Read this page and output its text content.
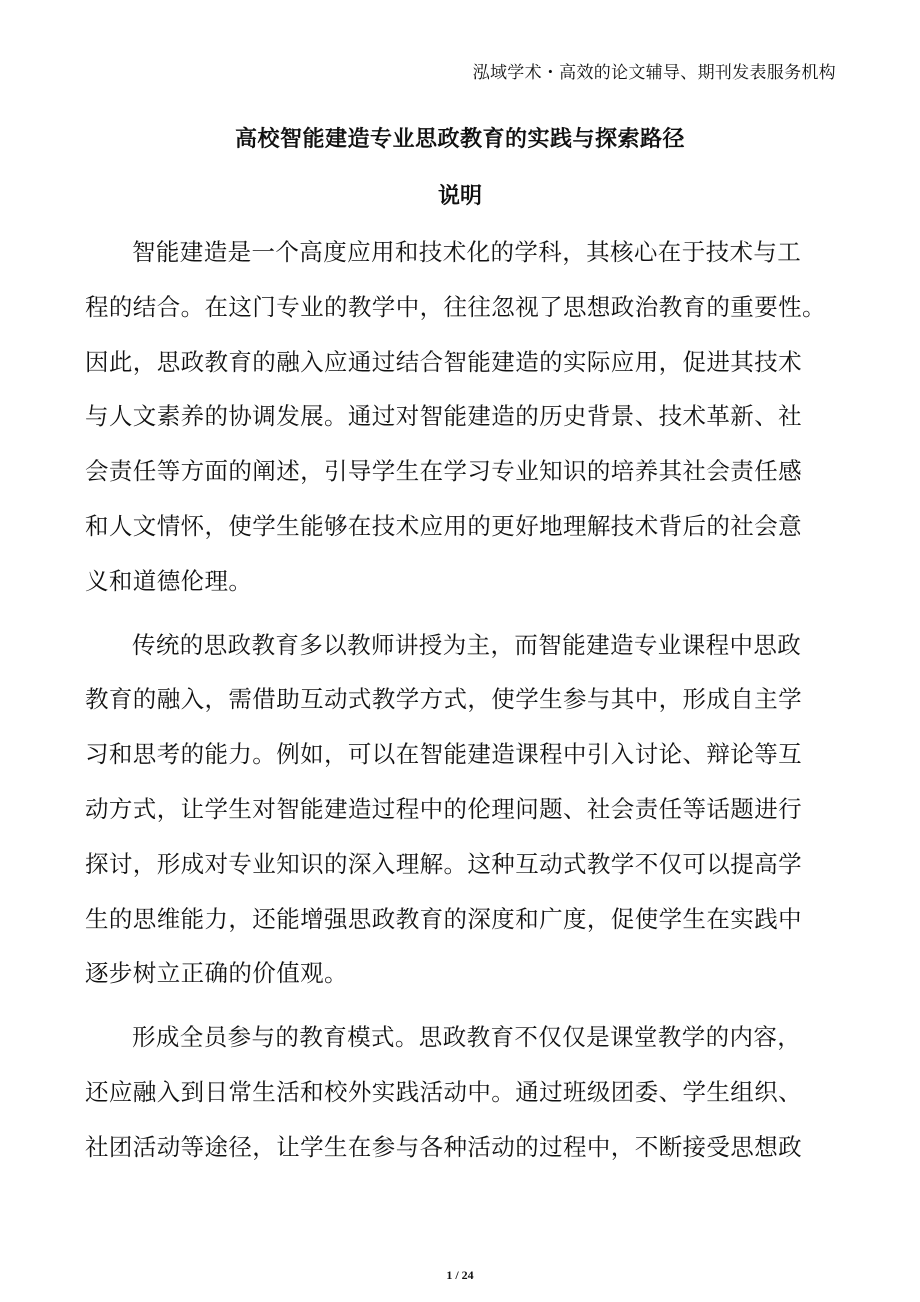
泓域学术・高效的论文辅导、期刊发表服务机构
高校智能建造专业思政教育的实践与探索路径
说明
智能建造是一个高度应用和技术化的学科，其核心在于技术与工
程的结合。在这门专业的教学中，往往忽视了思想政治教育的重要性。
因此，思政教育的融入应通过结合智能建造的实际应用，促进其技术
与人文素养的协调发展。通过对智能建造的历史背景、技术革新、社
会责任等方面的阐述，引导学生在学习专业知识的培养其社会责任感
和人文情怀，使学生能够在技术应用的更好地理解技术背后的社会意
义和道德伦理。
传统的思政教育多以教师讲授为主，而智能建造专业课程中思政
教育的融入，需借助互动式教学方式，使学生参与其中，形成自主学
习和思考的能力。例如，可以在智能建造课程中引入讨论、辩论等互
动方式，让学生对智能建造过程中的伦理问题、社会责任等话题进行
探讨，形成对专业知识的深入理解。这种互动式教学不仅可以提高学
生的思维能力，还能增强思政教育的深度和广度，促使学生在实践中
逐步树立正确的价值观。
形成全员参与的教育模式。思政教育不仅仅是课堂教学的内容，
还应融入到日常生活和校外实践活动中。通过班级团委、学生组织、
社团活动等途径，让学生在参与各种活动的过程中，不断接受思想政
1 / 24
